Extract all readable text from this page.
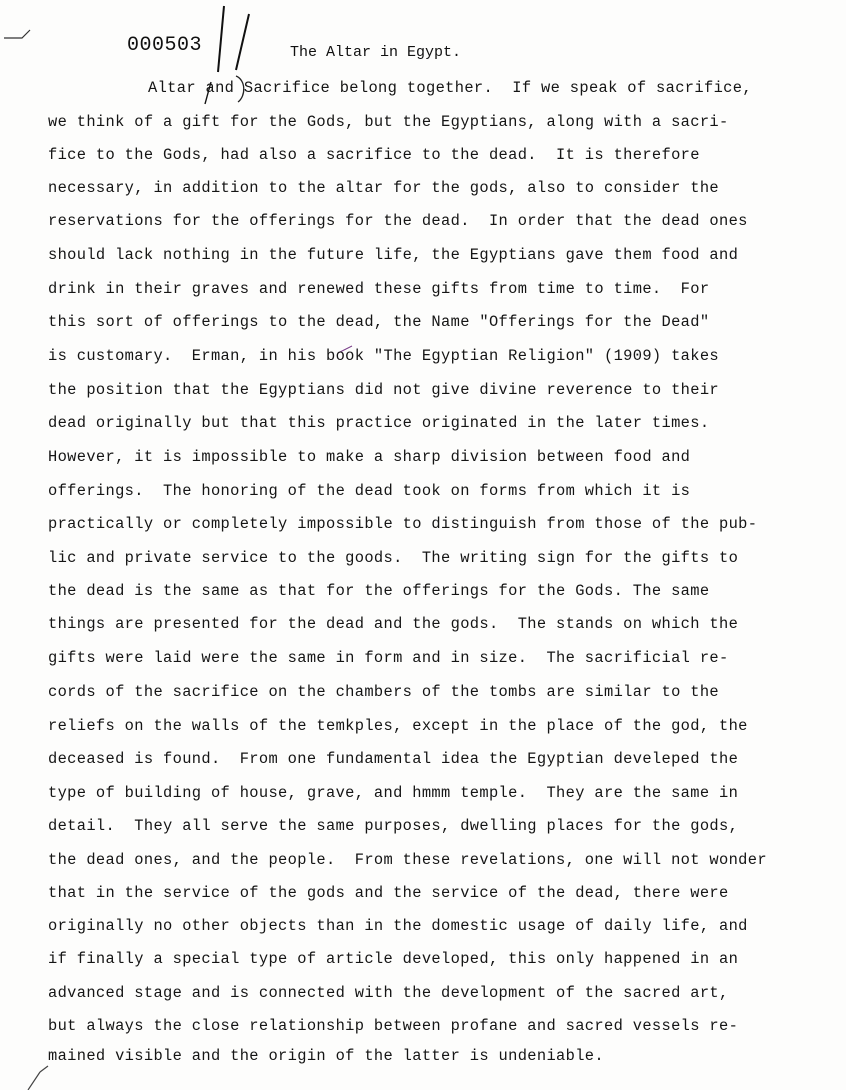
000503	The Altar in Egypt.
Altar and Sacrifice belong together.  If we speak of sacrifice,
we think of a gift for the Gods, but the Egyptians, along with a sacri-
fice to the Gods, had also a sacrifice to the dead.  It is therefore
necessary, in addition to the altar for the gods, also to consider the
reservations for the offerings for the dead.  In order that the dead ones
should lack nothing in the future life, the Egyptians gave them food and
drink in their graves and renewed these gifts from time to time.  For
this sort of offerings to the dead, the Name "Offerings for the Dead"
is customary.  Erman, in his book "The Egyptian Religion" (1909) takes
the position that the Egyptians did not give divine reverence to their
dead originally but that this practice originated in the later times.
However, it is impossible to make a sharp division between food and
offerings.  The honoring of the dead took on forms from which it is
practically or completely impossible to distinguish from those of the pub-
lic and private service to the goods.  The writing sign for the gifts to
the dead is the same as that for the offerings for the Gods. The same
things are presented for the dead and the gods.  The stands on which the
gifts were laid were the same in form and in size.  The sacrificial re-
cords of the sacrifice on the chambers of the tombs are similar to the
reliefs on the walls of the temkples, except in the place of the god, the
deceased is found.  From one fundamental idea the Egyptian develeped the
type of building of house, grave, and hmmm temple.  They are the same in
detail.  They all serve the same purposes, dwelling places for the gods,
the dead ones, and the people.  From these revelations, one will not wonder
that in the service of the gods and the service of the dead, there were
originally no other objects than in the domestic usage of daily life, and
if finally a special type of article developed, this only happened in an
advanced stage and is connected with the development of the sacred art,
but always the close relationship between profane and sacred vessels re-
mained visible and the origin of the latter is undeniable.
